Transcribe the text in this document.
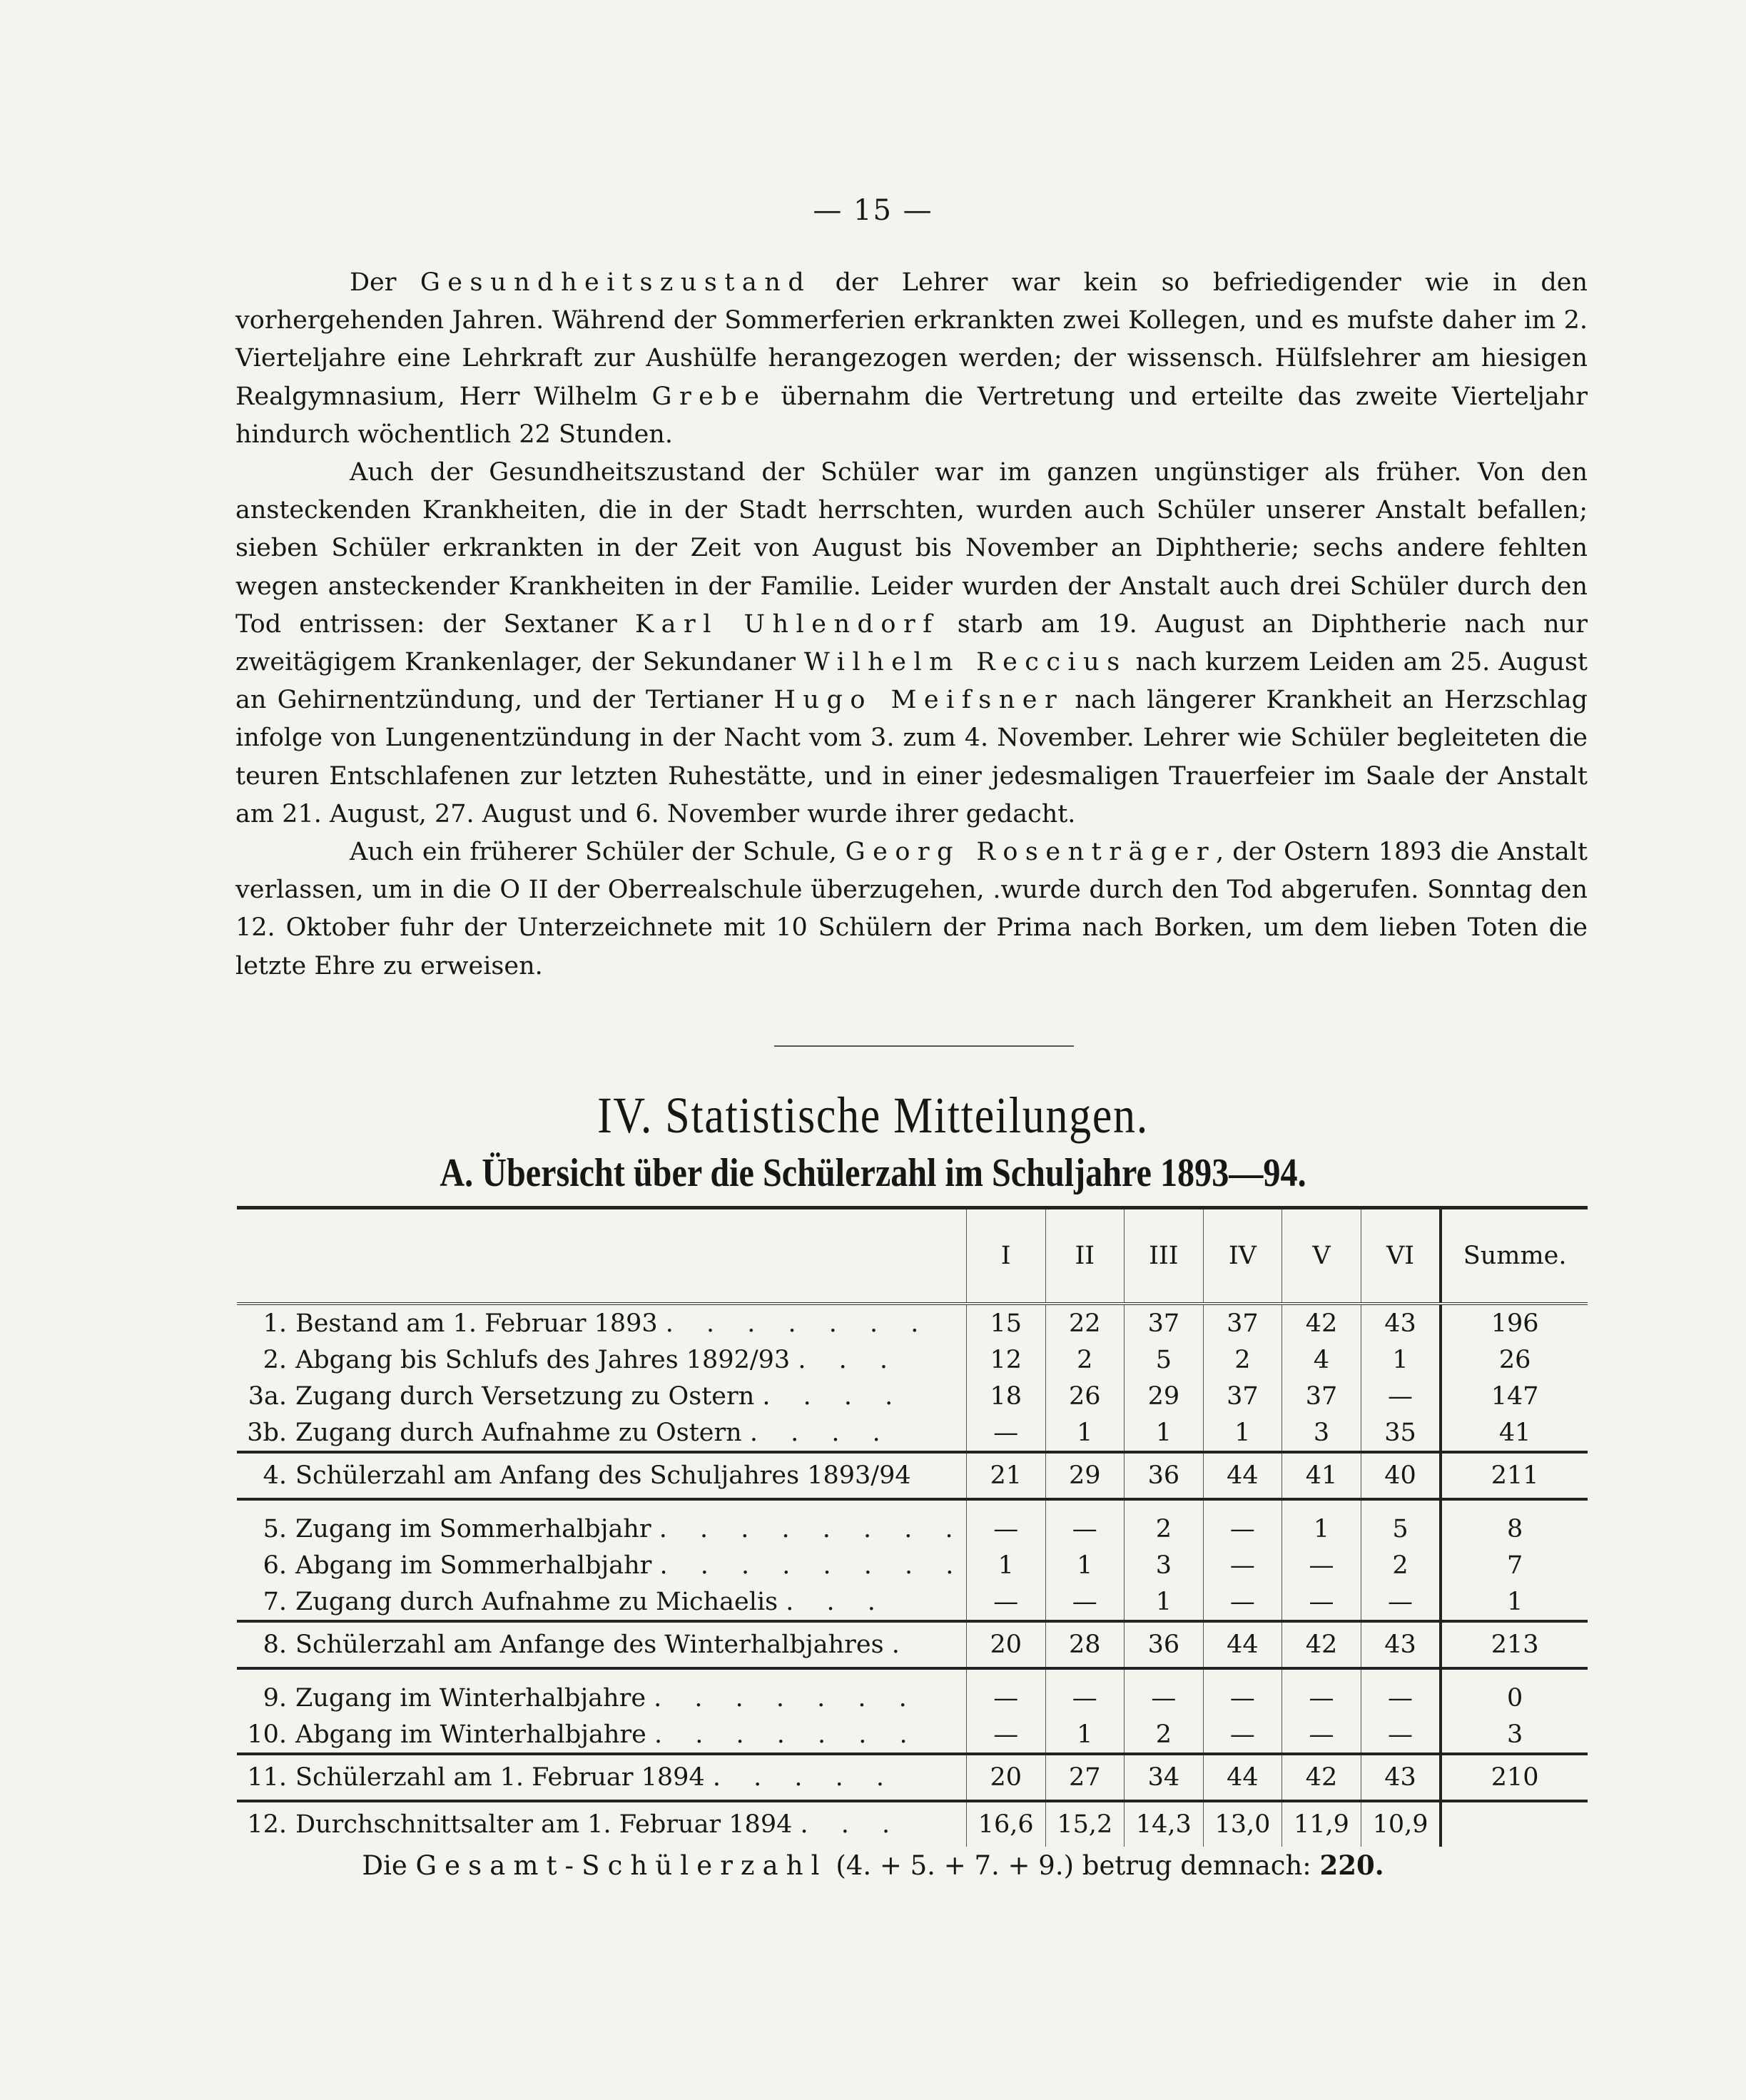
— 15 —

Der Gesundheitszustand der Lehrer war kein so befriedigender wie in den vorhergehenden Jahren. Während der Sommerferien erkrankten zwei Kollegen, und es mufste daher im 2. Vierteljahre eine Lehrkraft zur Aushülfe herangezogen werden; der wissensch. Hülfslehrer am hiesigen Realgymnasium, Herr Wilhelm Grebe übernahm die Vertretung und erteilte das zweite Vierteljahr hindurch wöchentlich 22 Stunden.

Auch der Gesundheitszustand der Schüler war im ganzen ungünstiger als früher. Von den ansteckenden Krankheiten, die in der Stadt herrschten, wurden auch Schüler unserer Anstalt befallen; sieben Schüler erkrankten in der Zeit von August bis November an Diphtherie; sechs andere fehlten wegen ansteckender Krankheiten in der Familie. Leider wurden der Anstalt auch drei Schüler durch den Tod entrissen: der Sextaner Karl Uhlendorf starb am 19. August an Diphtherie nach nur zweitägigem Krankenlager, der Sekundaner Wilhelm Reccius nach kurzem Leiden am 25. August an Gehirnentzündung, und der Tertianer Hugo Meifsner nach längerer Krankheit an Herzschlag infolge von Lungenentzündung in der Nacht vom 3. zum 4. November. Lehrer wie Schüler begleiteten die teuren Entschlafenen zur letzten Ruhestätte, und in einer jedesmaligen Trauerfeier im Saale der Anstalt am 21. August, 27. August und 6. November wurde ihrer gedacht.

Auch ein früherer Schüler der Schule, Georg Rosenträger, der Ostern 1893 die Anstalt verlassen, um in die O II der Oberrealschule überzugehen, .wurde durch den Tod abgerufen. Sonntag den 12. Oktober fuhr der Unterzeichnete mit 10 Schülern der Prima nach Borken, um dem lieben Toten die letzte Ehre zu erweisen.

IV. Statistische Mitteilungen.
A. Übersicht über die Schülerzahl im Schuljahre 1893—94.
	I	II	III	IV	V	VI	Summe.
1. Bestand am 1. Februar 1893 . . . . . . .	15	22	37	37	42	43	196
2. Abgang bis Schlufs des Jahres 1892/93 . . .	12	2	5	2	4	1	26
3a. Zugang durch Versetzung zu Ostern . . . .	18	26	29	37	37	—	147
3b. Zugang durch Aufnahme zu Ostern . . . .	—	1	1	1	3	35	41
4. Schülerzahl am Anfang des Schuljahres 1893/94	21	29	36	44	41	40	211
5. Zugang im Sommerhalbjahr . . . . . . . .	—	—	2	—	1	5	8
6. Abgang im Sommerhalbjahr . . . . . . . .	1	1	3	—	—	2	7
7. Zugang durch Aufnahme zu Michaelis . . .	—	—	1	—	—	—	1
8. Schülerzahl am Anfange des Winterhalbjahres .	20	28	36	44	42	43	213
9. Zugang im Winterhalbjahre . . . . . . .	—	—	—	—	—	—	0
10. Abgang im Winterhalbjahre . . . . . . .	—	1	2	—	—	—	3
11. Schülerzahl am 1. Februar 1894 . . . . .	20	27	34	44	42	43	210
12. Durchschnittsalter am 1. Februar 1894 . . .	16,6	15,2	14,3	13,0	11,9	10,9	
Die Gesamt-Schülerzahl (4. + 5. + 7. + 9.) betrug demnach: 220.
